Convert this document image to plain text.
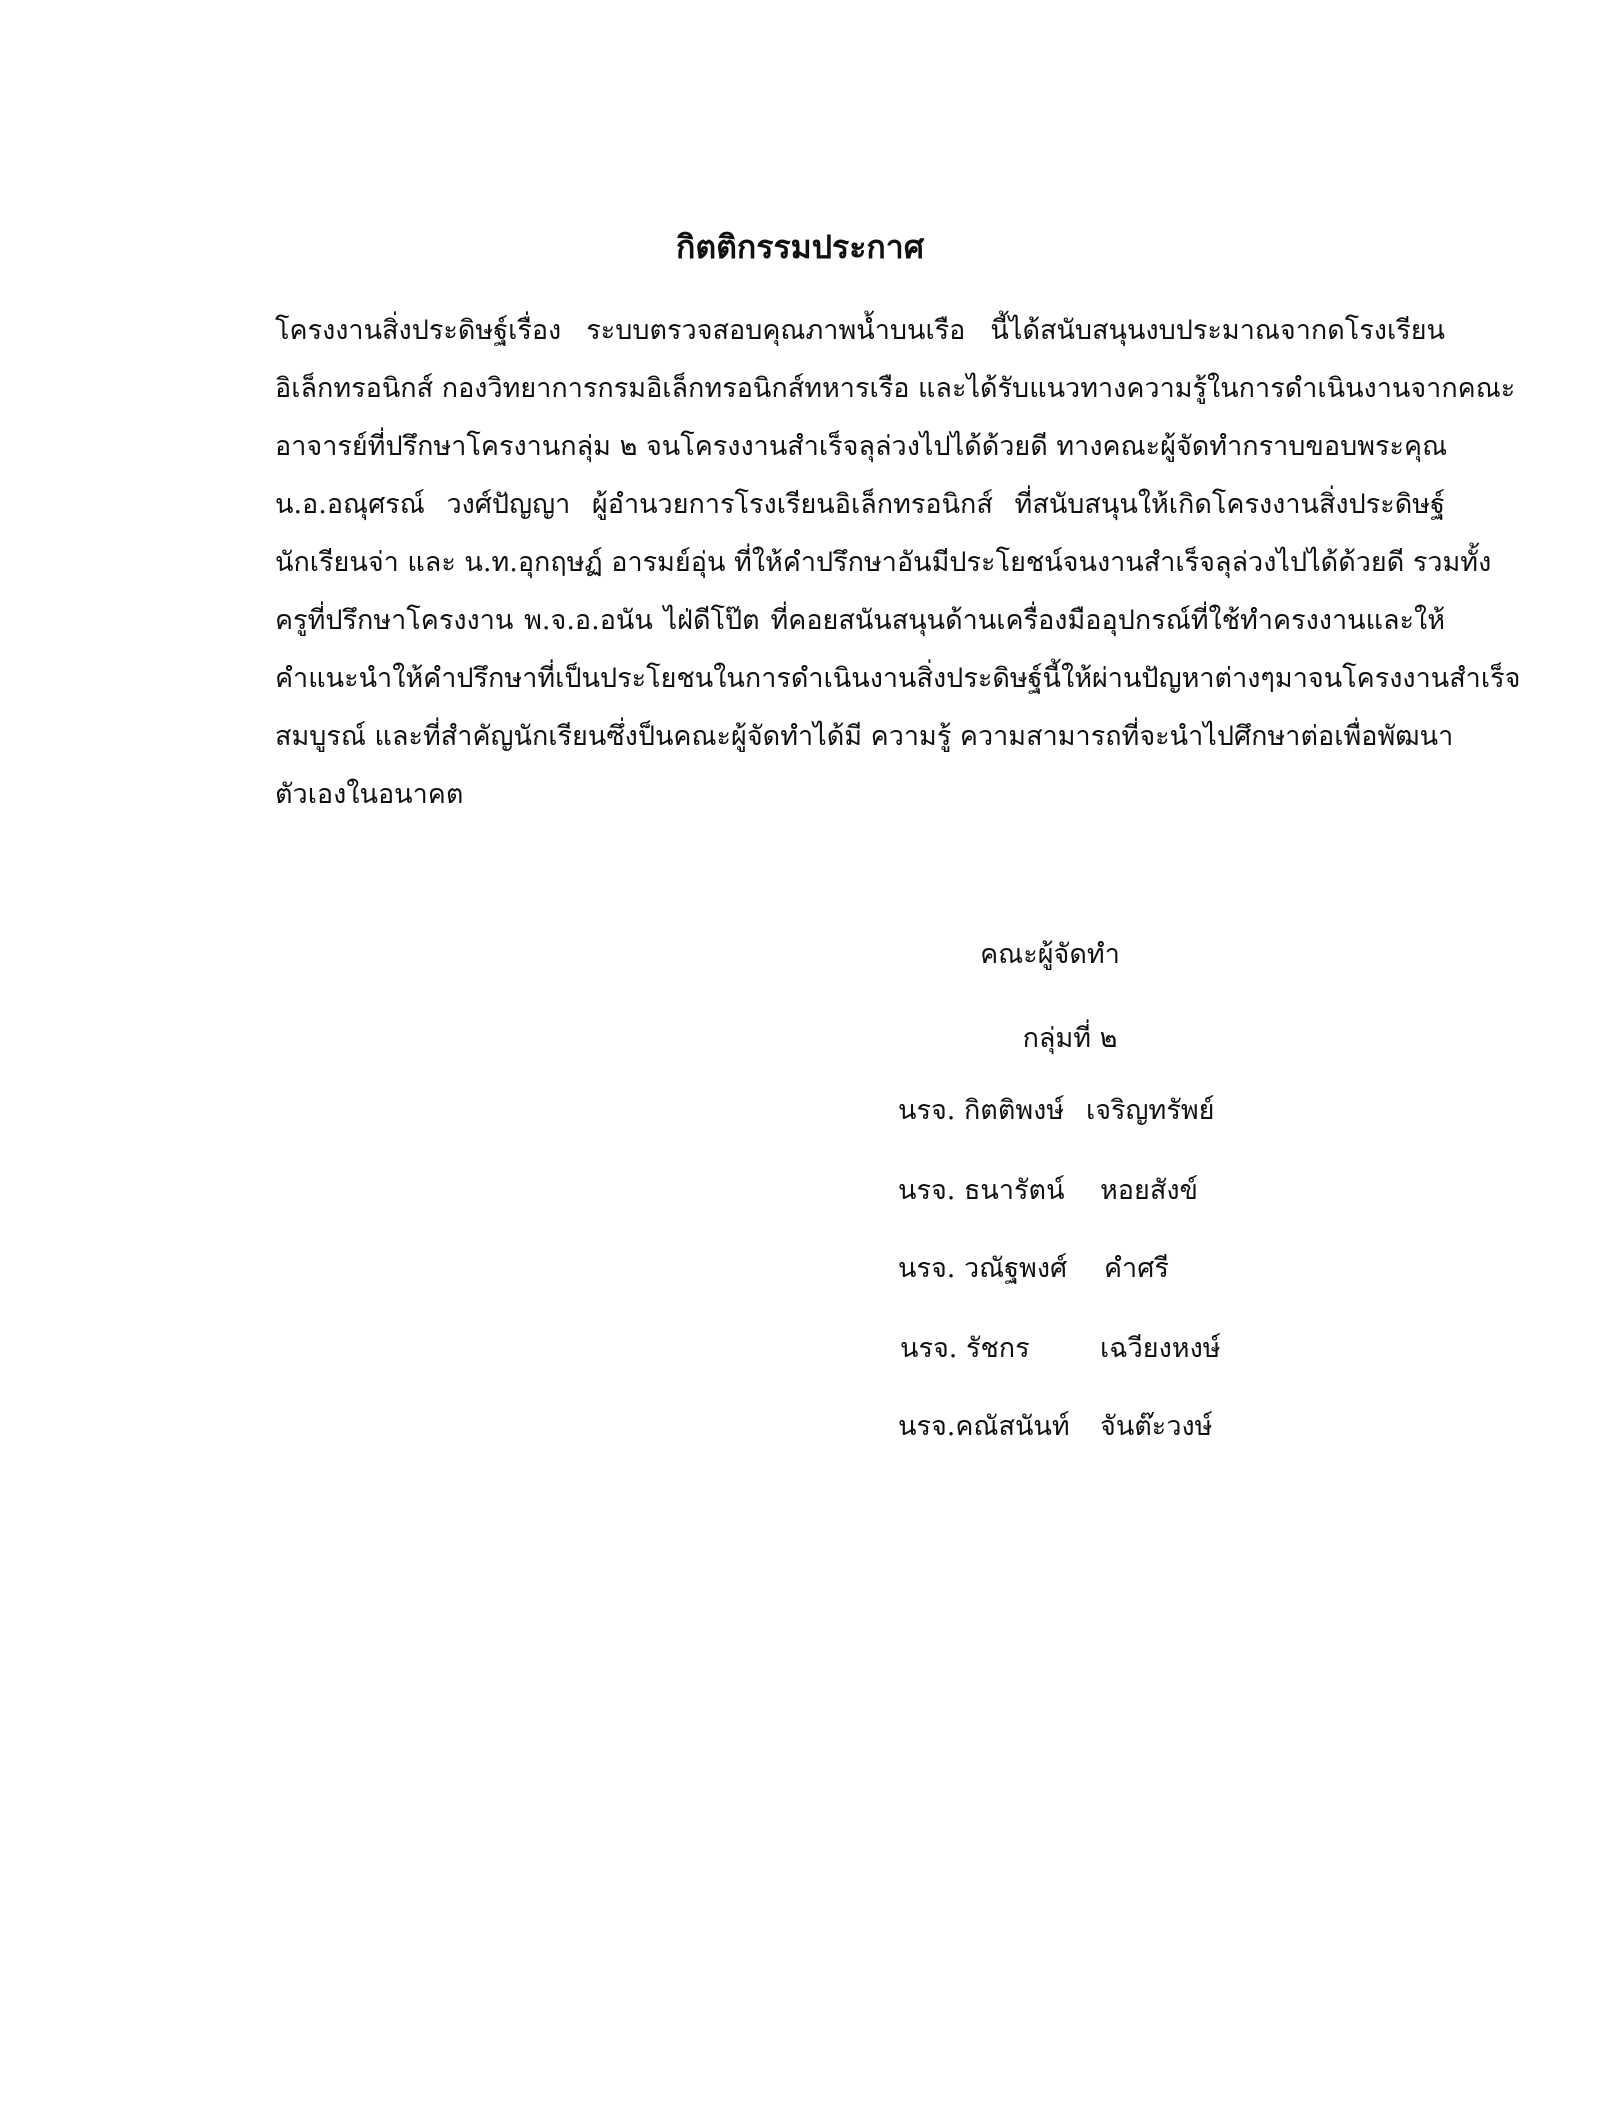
กิตติกรรมประกาศ
โครงงานสิ่งประดิษฐ์เรื่อง ระบบตรวจสอบคุณภาพน้ำบนเรือ นี้ได้สนับสนุนงบประมาณจากดโรงเรียน
อิเล็กทรอนิกส์ กองวิทยาการกรมอิเล็กทรอนิกส์ทหารเรือ และได้รับแนวทางความรู้ในการดำเนินงานจากคณะ
อาจารย์ที่ปรึกษาโครงานกลุ่ม ๒ จนโครงงานสำเร็จลุล่วงไปได้ด้วยดี ทางคณะผู้จัดทำกราบขอบพระคุณ
น.อ.อณุศรณ์ วงศ์ปัญญา ผู้อำนวยการโรงเรียนอิเล็กทรอนิกส์ ที่สนับสนุนให้เกิดโครงงานสิ่งประดิษฐ์
นักเรียนจ่า และ น.ท.อุกฤษฏ์ อารมย์อุ่น ที่ให้คำปรึกษาอันมีประโยชน์จนงานสำเร็จลุล่วงไปได้ด้วยดี รวมทั้ง
ครูที่ปรึกษาโครงงาน พ.จ.อ.อนัน ไฝ่ดีโป๊ต ที่คอยสนันสนุนด้านเครื่องมืออุปกรณ์ที่ใช้ทำครงงานและให้
คำแนะนำให้คำปรึกษาที่เป็นประโยชนในการดำเนินงานสิ่งประดิษฐ์นี้ให้ผ่านปัญหาต่างๆมาจนโครงงานสำเร็จ
สมบูรณ์ และที่สำคัญนักเรียนซึ่งป็นคณะผู้จัดทำได้มี ความรู้ ความสามารถที่จะนำไปศึกษาต่อเพื่อพัฒนา
ตัวเองในอนาคต
คณะผู้จัดทำ
กลุ่มที่ ๒
นรจ. กิตติพงษ์ เจริญทรัพย์
นรจ. ธนารัตน์ หอยสังข์
นรจ. วณัฐพงศ์ คำศรี
นรจ. รัชกร	เฉวียงหงษ์
นรจ.คณัสนันท์ จันต๊ะวงษ์
